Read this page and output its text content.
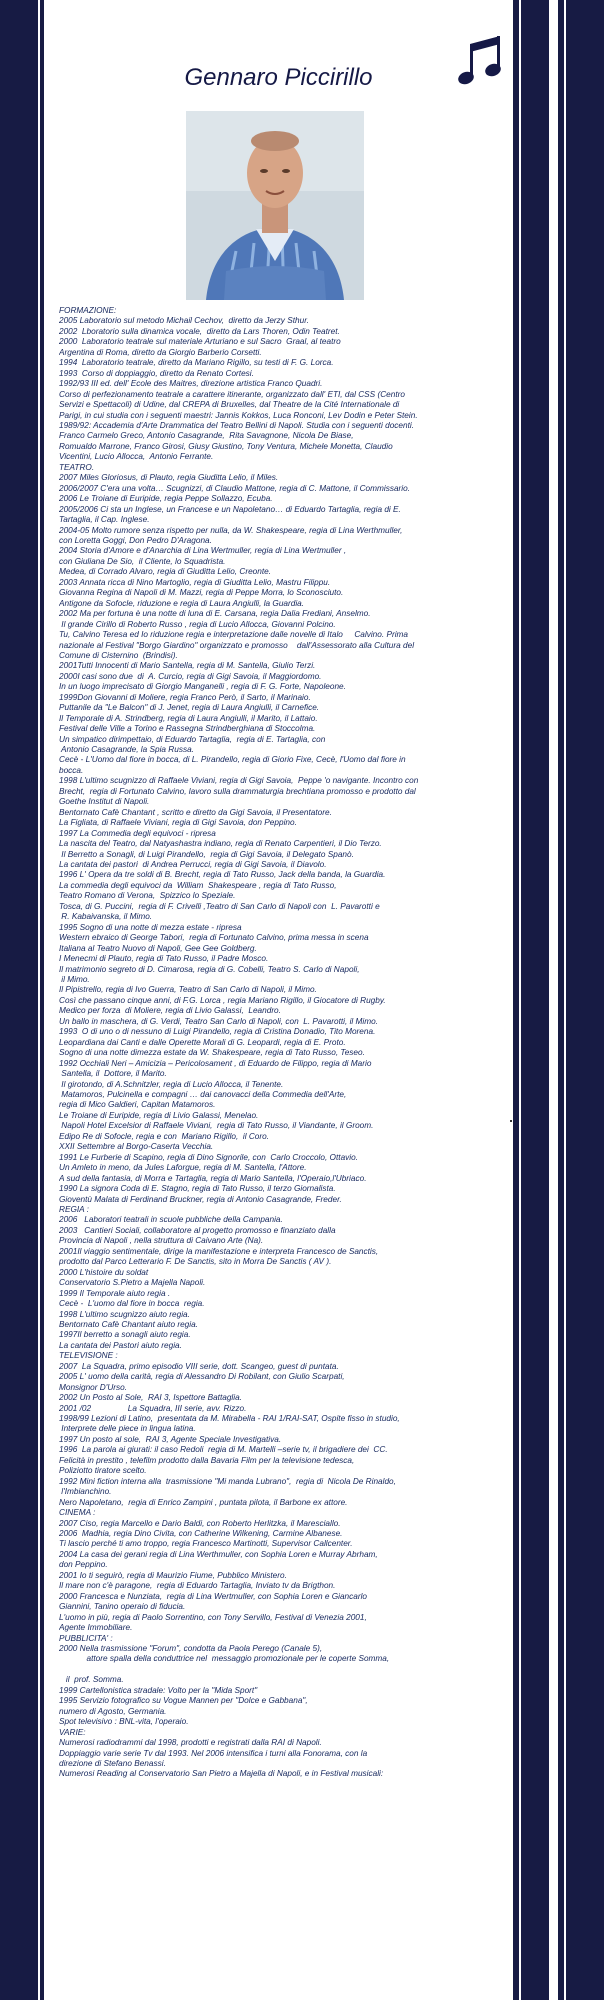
Gennaro Piccirillo
FORMAZIONE:
2005 Laboratorio sul metodo Michail Cechov,  diretto da Jerzy Sthur.
2002  Lboratorio sulla dinamica vocale,  diretto da Lars Thoren, Odin Teatret.
2000  Laboratorio teatrale sul materiale Arturiano e sul Sacro  Graal, al teatro
Argentina di Roma, diretto da Giorgio Barberio Corsetti.
1994  Laboratorio teatrale, diretto da Mariano Rigillo, su testi di F. G. Lorca.
1993  Corso di doppiaggio, diretto da Renato Cortesi.
1992/93 III ed. dell' Ecole des Maitres, direzione artistica Franco Quadri.
Corso di perfezionamento teatrale a carattere itinerante, organizzato dall' ETI, dal CSS (Centro
Servizi e Spettacoli) di Udine, dal CREPA di Bruxelles, dal Theatre de la Cité Internationale di
Parigi, in cui studia con i seguenti maestri: Jannis Kokkos, Luca Ronconi, Lev Dodin e Peter Stein.
1989/92: Accademia d'Arte Drammatica del Teatro Bellini di Napoli. Studia con i seguenti docenti.
Franco Carmelo Greco, Antonio Casagrande,  Rita Savagnone, Nicola De Biase,
Romualdo Marrone, Franco Girosi, Giusy Giustino, Tony Ventura, Michele Monetta, Claudio
Vicentini, Lucio Allocca,  Antonio Ferrante.
TEATRO.
2007 Miles Gloriosus, di Plauto, regia Giuditta Lelio, il Miles.
2006/2007 C'era una volta… Scugnizzi, di Claudio Mattone, regia di C. Mattone, il Commissario.
2006 Le Troiane di Euripide, regia Peppe Sollazzo, Ecuba.
2005/2006 Ci sta un Inglese, un Francese e un Napoletano… di Eduardo Tartaglia, regia di E.
Tartaglia, il Cap. Inglese.
2004-05 Molto rumore senza rispetto per nulla, da W. Shakespeare, regia di Lina Werthmuller,
con Loretta Goggi, Don Pedro D'Aragona.
2004 Storia d'Amore e d'Anarchia di Lina Wertmuller, regia di Lina Wertmuller ,
con Giuliana De Sio,  il Cliente, lo Squadrista.
Medea, di Corrado Alvaro, regia di Giuditta Lelio, Creonte.
2003 Annata ricca di Nino Martoglio, regia di Giuditta Lelio, Mastru Filippu.
Giovanna Regina di Napoli di M. Mazzi, regia di Peppe Morra, lo Sconosciuto.
Antigone da Sofocle, riduzione e regia di Laura Angiulli, la Guardia.
2002 Ma per fortuna è una notte di luna di E. Carsana, regia Dalia Frediani, Anselmo.
Il grande Cirillo di Roberto Russo , regia di Lucio Allocca, Giovanni Polcino.
Tu, Calvino Teresa ed Io riduzione regia e interpretazione dalle novelle di Italo     Calvino. Prima
nazionale al Festival "Borgo Giardino" organizzato e promosso    dall'Assessorato alla Cultura del
Comune di Cisternino  (Brindisi).
2001Tutti Innocenti di Mario Santella, regia di M. Santella, Giulio Terzi.
2000I casi sono due  di  A. Curcio, regia di Gigi Savoia, il Maggiordomo.
In un luogo imprecisato di Giorgio Manganelli , regia di F. G. Forte, Napoleone.
1999Don Giovanni di Moliere, regia Franco Però, il Sarto, il Marinaio.
Puttanile da "Le Balcon" di J. Jenet, regia di Laura Angiulli, il Carnefice.
Il Temporale di A. Strindberg, regia di Laura Angiulli, il Marito, il Lattaio.
Festival delle Ville a Torino e Rassegna Strindberghiana di Stoccolma.
Un simpatico dirimpettaio, di Eduardo Tartaglia,  regia di E. Tartaglia, con
Antonio Casagrande, la Spia Russa.
Cecè - L'Uomo dal fiore in bocca, di L. Pirandello, regia di Giorio Fixe, Cecè, l'Uomo dal fiore in
bocca.
1998 L'ultimo scugnizzo di Raffaele Viviani, regia di Gigi Savoia,  Peppe 'o navigante. Incontro con
Brecht,  regia di Fortunato Calvino, lavoro sulla drammaturgia brechtiana promosso e prodotto dal
Goethe Institut di Napoli.
Bentornato Cafè Chantant , scritto e diretto da Gigi Savoia, il Presentatore.
La Figliata, di Raffaele Viviani, regia di Gigi Savoia, don Peppino.
1997 La Commedia degli equivoci - ripresa
La nascita del Teatro, dal Natyashastra indiano, regia di Renato Carpentieri, il Dio Terzo.
Il Berretto a Sonagli, di Luigi Pirandello,  regia di Gigi Savoia, il Delegato Spanò.
La cantata dei pastori  di Andrea Perrucci, regia di Gigi Savoia, il Diavolo.
1996 L' Opera da tre soldi di B. Brecht, regia di Tato Russo, Jack della banda, la Guardia.
La commedia degli equivoci da  William  Shakespeare , regia di Tato Russo,
Teatro Romano di Verona,  Spizzico lo Speziale.
Tosca, di G. Puccini,  regia di F. Crivelli ,Teatro di San Carlo di Napoli con  L. Pavarotti e
R. Kabaivanska, il Mimo.
1995 Sogno di una notte di mezza estate - ripresa
Western ebraico di George Tabori,  regia di Fortunato Calvino, prima messa in scena
Italiana al Teatro Nuovo di Napoli, Gee Gee Goldberg.
I Menecmi di Plauto, regia di Tato Russo, il Padre Mosco.
Il matrimonio segreto di D. Cimarosa, regia di G. Cobelli, Teatro S. Carlo di Napoli,
il Mimo.
Il Pipistrello, regia di Ivo Guerra, Teatro di San Carlo di Napoli, il Mimo.
Così che passano cinque anni, di F.G. Lorca , regia Mariano Rigillo, il Giocatore di Rugby.
Medico per forza  di Moliere, regia di Livio Galassi,  Leandro.
Un ballo in maschera, di G. Verdi, Teatro San Carlo di Napoli, con  L. Pavarotti, il Mimo.
1993  O di uno o di nessuno di Luigi Pirandello, regia di Cristina Donadio, Tito Morena.
Leopardiana dai Canti e dalle Operette Morali di G. Leopardi, regia di E. Proto.
Sogno di una notte dimezza estate da W. Shakespeare, regia di Tato Russo, Teseo.
1992 Occhiali Neri – Amicizia – Pericolosament , di Eduardo de Filippo, regia di Mario
Santella, il  Dottore, il Marito.
Il girotondo, di A.Schnitzler, regia di Lucio Allocca, il Tenente.
Matamoros, Pulcinella e compagni … dai canovacci della Commedia dell'Arte,
regia di Mico Galdieri, Capitan Matamoros.
Le Troiane di Euripide, regia di Livio Galassi, Menelao.
Napoli Hotel Excelsior di Raffaele Viviani,  regia di Tato Russo, il Viandante, il Groom.
Edipo Re di Sofocle, regia e con  Mariano Rigillo,  il Coro.
XXII Settembre al Borgo-Caserta Vecchia.
1991 Le Furberie di Scapino, regia di Dino Signorile, con  Carlo Croccolo, Ottavio.
Un Amleto in meno, da Jules Laforgue, regia di M. Santella, l'Attore.
A sud della fantasia, di Morra e Tartaglia, regia di Mario Santella, l'Operaio,l'Ubriaco.
1990 La signora Coda di E. Stagno, regia di Tato Russo, il terzo Giornalista.
Gioventù Malata di Ferdinand Bruckner, regia di Antonio Casagrande, Freder.
REGIA :
2006   Laboratori teatrali in scuole pubbliche della Campania.
2003   Cantieri Sociali, collaboratore al progetto promosso e finanziato dalla
Provincia di Napoli , nella struttura di Caivano Arte (Na).
2001Il viaggio sentimentale, dirige la manifestazione e interpreta Francesco de Sanctis,
prodotto dal Parco Letterario F. De Sanctis, sito in Morra De Sanctis ( AV ).
2000 L'histoire du soldat
Conservatorio S.Pietro a Majella Napoli.
1999 Il Temporale aiuto regia .
Cecè -  L'uomo dal fiore in bocca  regia.
1998 L'ultimo scugnizzo aiuto regia.
Bentornato Cafè Chantant aiuto regia.
1997Il berretto a sonagli aiuto regia.
La cantata dei Pastori aiuto regia.
TELEVISIONE :
2007  La Squadra, primo episodio VIII serie, dott. Scangeo, guest di puntata.
2005 L' uomo della carità, regia di Alessandro Di Robilant, con Giulio Scarpati,
Monsignor D'Urso.
2002 Un Posto al Sole,  RAI 3, Ispettore Battaglia.
2001 /02                La Squadra, III serie, avv. Rizzo.
1998/99 Lezioni di Latino,  presentata da M. Mirabella - RAI 1/RAI-SAT, Ospite fisso in studio,
Interprete delle piece in lingua latina.
1997 Un posto al sole,  RAI 3, Agente Speciale Investigativa.
1996  La parola ai giurati: il caso Redoli  regia di M. Martelli –serie tv, il brigadiere dei  CC.
Felicità in prestito , telefilm prodotto dalla Bavaria Film per la televisione tedesca,
Poliziotto tiratore scelto.
1992 Mini fiction interna alla  trasmissione "Mi manda Lubrano",  regia di  Nicola De Rinaldo,
l'Imbianchino.
Nero Napoletano,  regia di Enrico Zampini , puntata pilota, il Barbone ex attore.
CINEMA :
2007 Ciso, regia Marcello e Dario Baldi, con Roberto Herlitzka, il Maresciallo.
2006  Madhia, regia Dino Civita, con Catherine Wilkening, Carmine Albanese.
Ti lascio perché ti amo troppo, regia Francesco Martinotti, Supervisor Callcenter.
2004 La casa dei gerani regia di Lina Werthmuller, con Sophia Loren e Murray Abrham,
don Peppino.
2001 Io ti seguirò, regia di Maurizio Fiume, Pubblico Ministero.
Il mare non c'è paragone,  regia di Eduardo Tartaglia, Inviato tv da Brigthon.
2000 Francesca e Nunziata,  regia di Lina Wertmuller, con Sophia Loren e Giancarlo
Giannini, Tanino operaio di fiducia.
L'uomo in più, regia di Paolo Sorrentino, con Tony Servillo, Festival di Venezia 2001,
Agente Immobiliare.
PUBBLICITA' :
2000 Nella trasmissione "Forum", condotta da Paola Perego (Canale 5),
attore spalla della conduttrice nel  messaggio promozionale per le coperte Somma,
il  prof. Somma.
1999 Cartellonistica stradale: Volto per la "Mida Sport"
1995 Servizio fotografico su Vogue Mannen per "Dolce e Gabbana",
numero di Agosto, Germania.
Spot televisivo : BNL-vita, l'operaio.
VARIE:
Numerosi radiodrammi dal 1998, prodotti e registrati dalla RAI di Napoli.
Doppiaggio varie serie Tv dal 1993. Nel 2006 intensifica i turni alla Fonorama, con la
direzione di Stefano Benassi.
Numerosi Reading al Conservatorio San Pietro a Majella di Napoli, e in Festival musicali:
